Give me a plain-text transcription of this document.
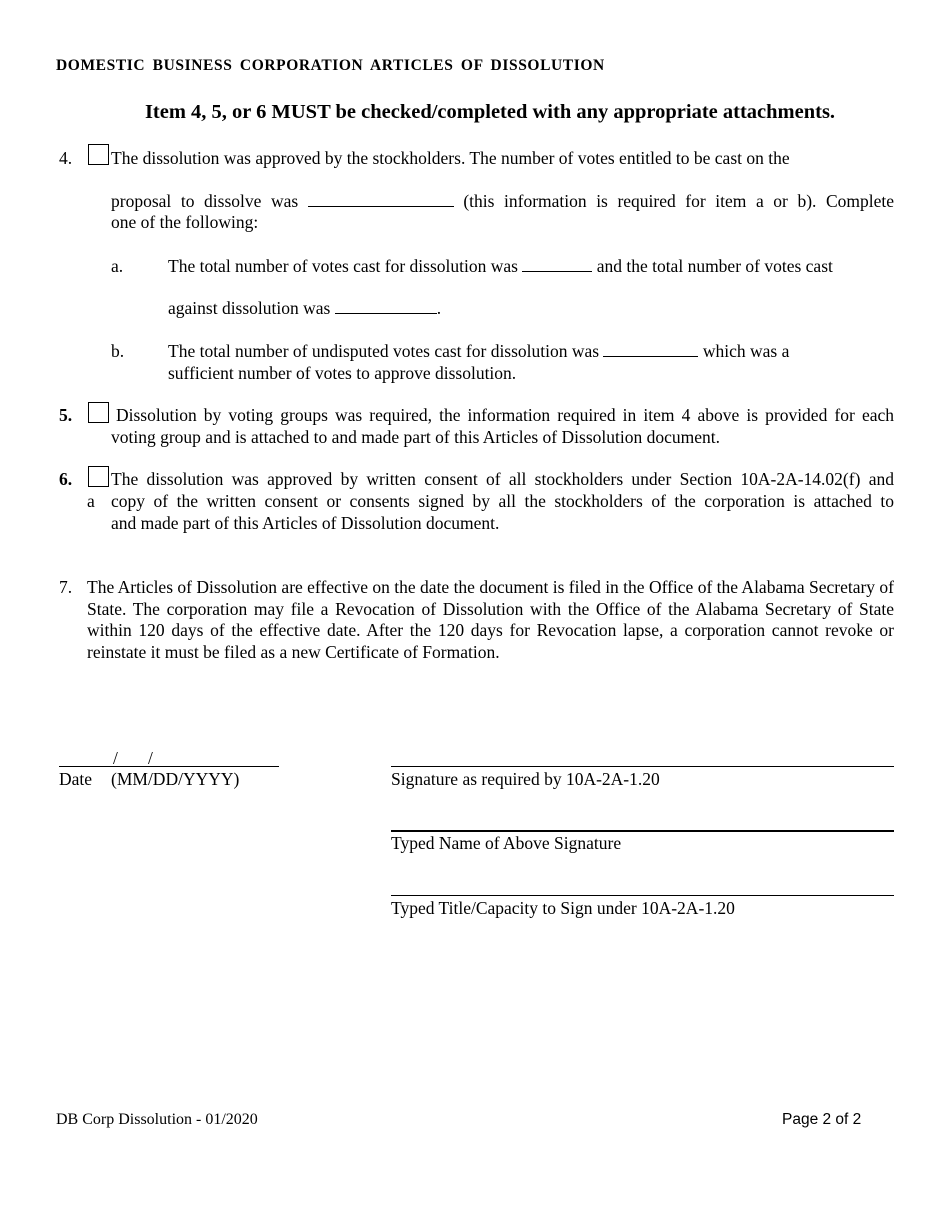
DOMESTIC BUSINESS CORPORATION ARTICLES OF DISSOLUTION
Item 4, 5, or 6 MUST be checked/completed with any appropriate attachments.
4. The dissolution was approved by the stockholders. The number of votes entitled to be cast on the
proposal to dissolve was	(this information is required for item a or b). Complete
one of the following:
a.	The total number of votes cast for dissolution was	and the total number of votes cast
against dissolution was	.
b.	The total number of undisputed votes cast for dissolution was	which was a
sufficient number of votes to approve dissolution.
5.	Dissolution by voting groups was required, the information required in item 4 above is provided for each voting group and is attached to and made part of this Articles of Dissolution document.
6. The dissolution was approved by written consent of all stockholders under Section 10A-2A-14.02(f) and
a copy of the written consent or consents signed by all the stockholders of the corporation is attached to
and made part of this Articles of Dissolution document.
7. The Articles of Dissolution are effective on the date the document is filed in the Office of the Alabama Secretary of State. The corporation may file a Revocation of Dissolution with the Office of the Alabama Secretary of State within 120 days of the effective date. After the 120 days for Revocation lapse, a corporation cannot revoke or reinstate it must be filed as a new Certificate of Formation.
/ /
Date (MM/DD/YYYY)	Signature as required by 10A-2A-1.20
Typed Name of Above Signature
Typed Title/Capacity to Sign under 10A-2A-1.20
DB Corp Dissolution - 01/2020	Page 2 of 2
